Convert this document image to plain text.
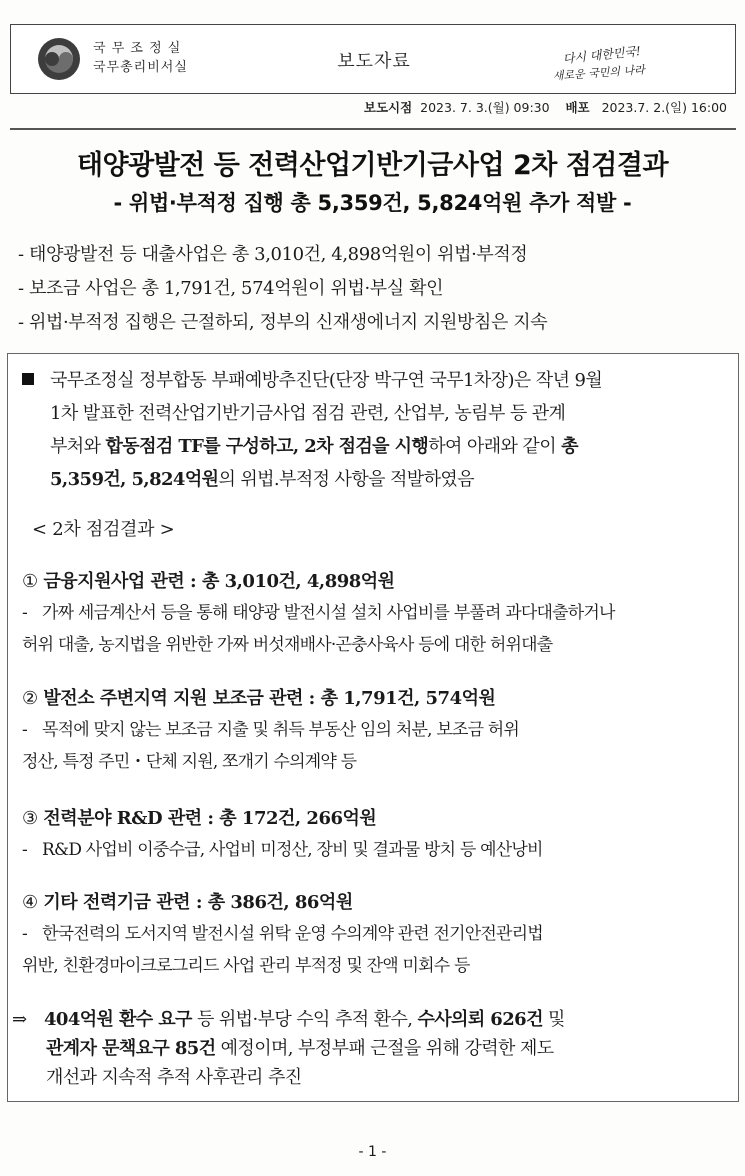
국 무 조 정 실
국무총리비서실	보도자료	다시 대한민국!
새로운 국민의 나라
보도시점 2023. 7. 3.(월) 09:30 배포 2023.7. 2.(일) 16:00
태양광발전 등 전력산업기반기금사업 2차 점검결과
- 위법·부적정 집행 총 5,359건, 5,824억원 추가 적발 -
- 태양광발전 등 대출사업은 총 3,010건, 4,898억원이 위법·부적정
- 보조금 사업은 총 1,791건, 574억원이 위법·부실 확인
- 위법·부적정 집행은 근절하되, 정부의 신재생에너지 지원방침은 지속
국무조정실 정부합동 부패예방추진단(단장 박구연 국무1차장)은 작년 9월
1차 발표한 전력산업기반기금사업 점검 관련, 산업부, 농림부 등 관계
부처와 합동점검 TF를 구성하고, 2차 점검을 시행하여 아래와 같이 총
5,359건, 5,824억원의 위법.부적정 사항을 적발하였음
< 2차 점검결과 >
① 금융지원사업 관련 : 총 3,010건, 4,898억원
- 가짜 세금계산서 등을 통해 태양광 발전시설 설치 사업비를 부풀려 과다대출하거나
허위 대출, 농지법을 위반한 가짜 버섯재배사·곤충사육사 등에 대한 허위대출
② 발전소 주변지역 지원 보조금 관련 : 총 1,791건, 574억원
- 목적에 맞지 않는 보조금 지출 및 취득 부동산 임의 처분, 보조금 허위
정산, 특정 주민・단체 지원, 쪼개기 수의계약 등
③ 전력분야 R&D 관련 : 총 172건, 266억원
- R&D 사업비 이중수급, 사업비 미정산, 장비 및 결과물 방치 등 예산낭비
④ 기타 전력기금 관련 : 총 386건, 86억원
- 한국전력의 도서지역 발전시설 위탁 운영 수의계약 관련 전기안전관리법
위반, 친환경마이크로그리드 사업 관리 부적정 및 잔액 미회수 등
⇒ 404억원 환수 요구 등 위법·부당 수익 추적 환수, 수사의뢰 626건 및
관계자 문책요구 85건 예정이며, 부정부패 근절을 위해 강력한 제도
개선과 지속적 추적 사후관리 추진
- 1 -
